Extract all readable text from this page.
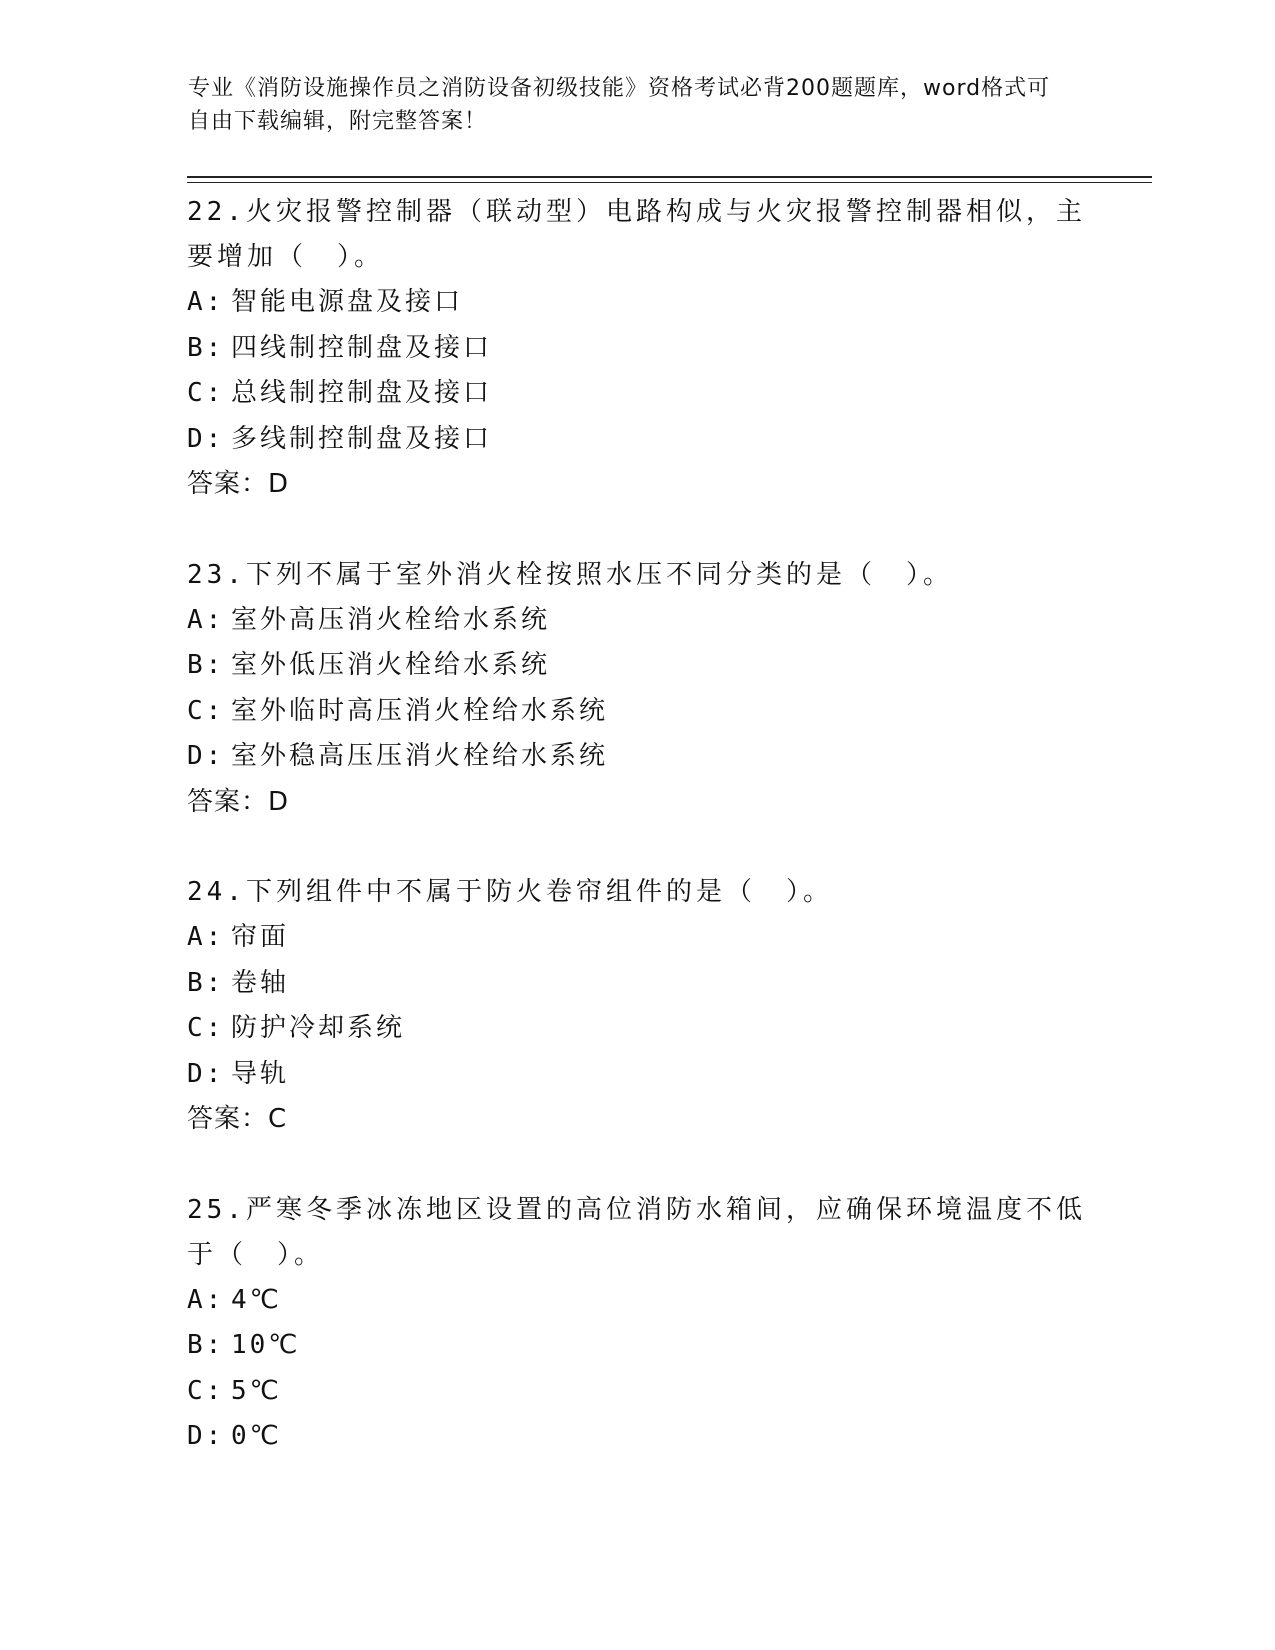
专业《消防设施操作员之消防设备初级技能》资格考试必背200题题库，word格式可自由下载编辑，附完整答案！

22.火灾报警控制器（联动型）电路构成与火灾报警控制器相似，主要增加（　）。

A: 智能电源盘及接口

B: 四线制控制盘及接口

C: 总线制控制盘及接口

D: 多线制控制盘及接口

答案：D

23.下列不属于室外消火栓按照水压不同分类的是（　）。

A: 室外高压消火栓给水系统

B: 室外低压消火栓给水系统

C: 室外临时高压消火栓给水系统

D: 室外稳高压压消火栓给水系统

答案：D

24.下列组件中不属于防火卷帘组件的是（　）。

A: 帘面

B: 卷轴

C: 防护冷却系统

D: 导轨

答案：C

25.严寒冬季冰冻地区设置的高位消防水箱间，应确保环境温度不低于（　）。

A: 4℃

B: 10℃

C: 5℃

D: 0℃
